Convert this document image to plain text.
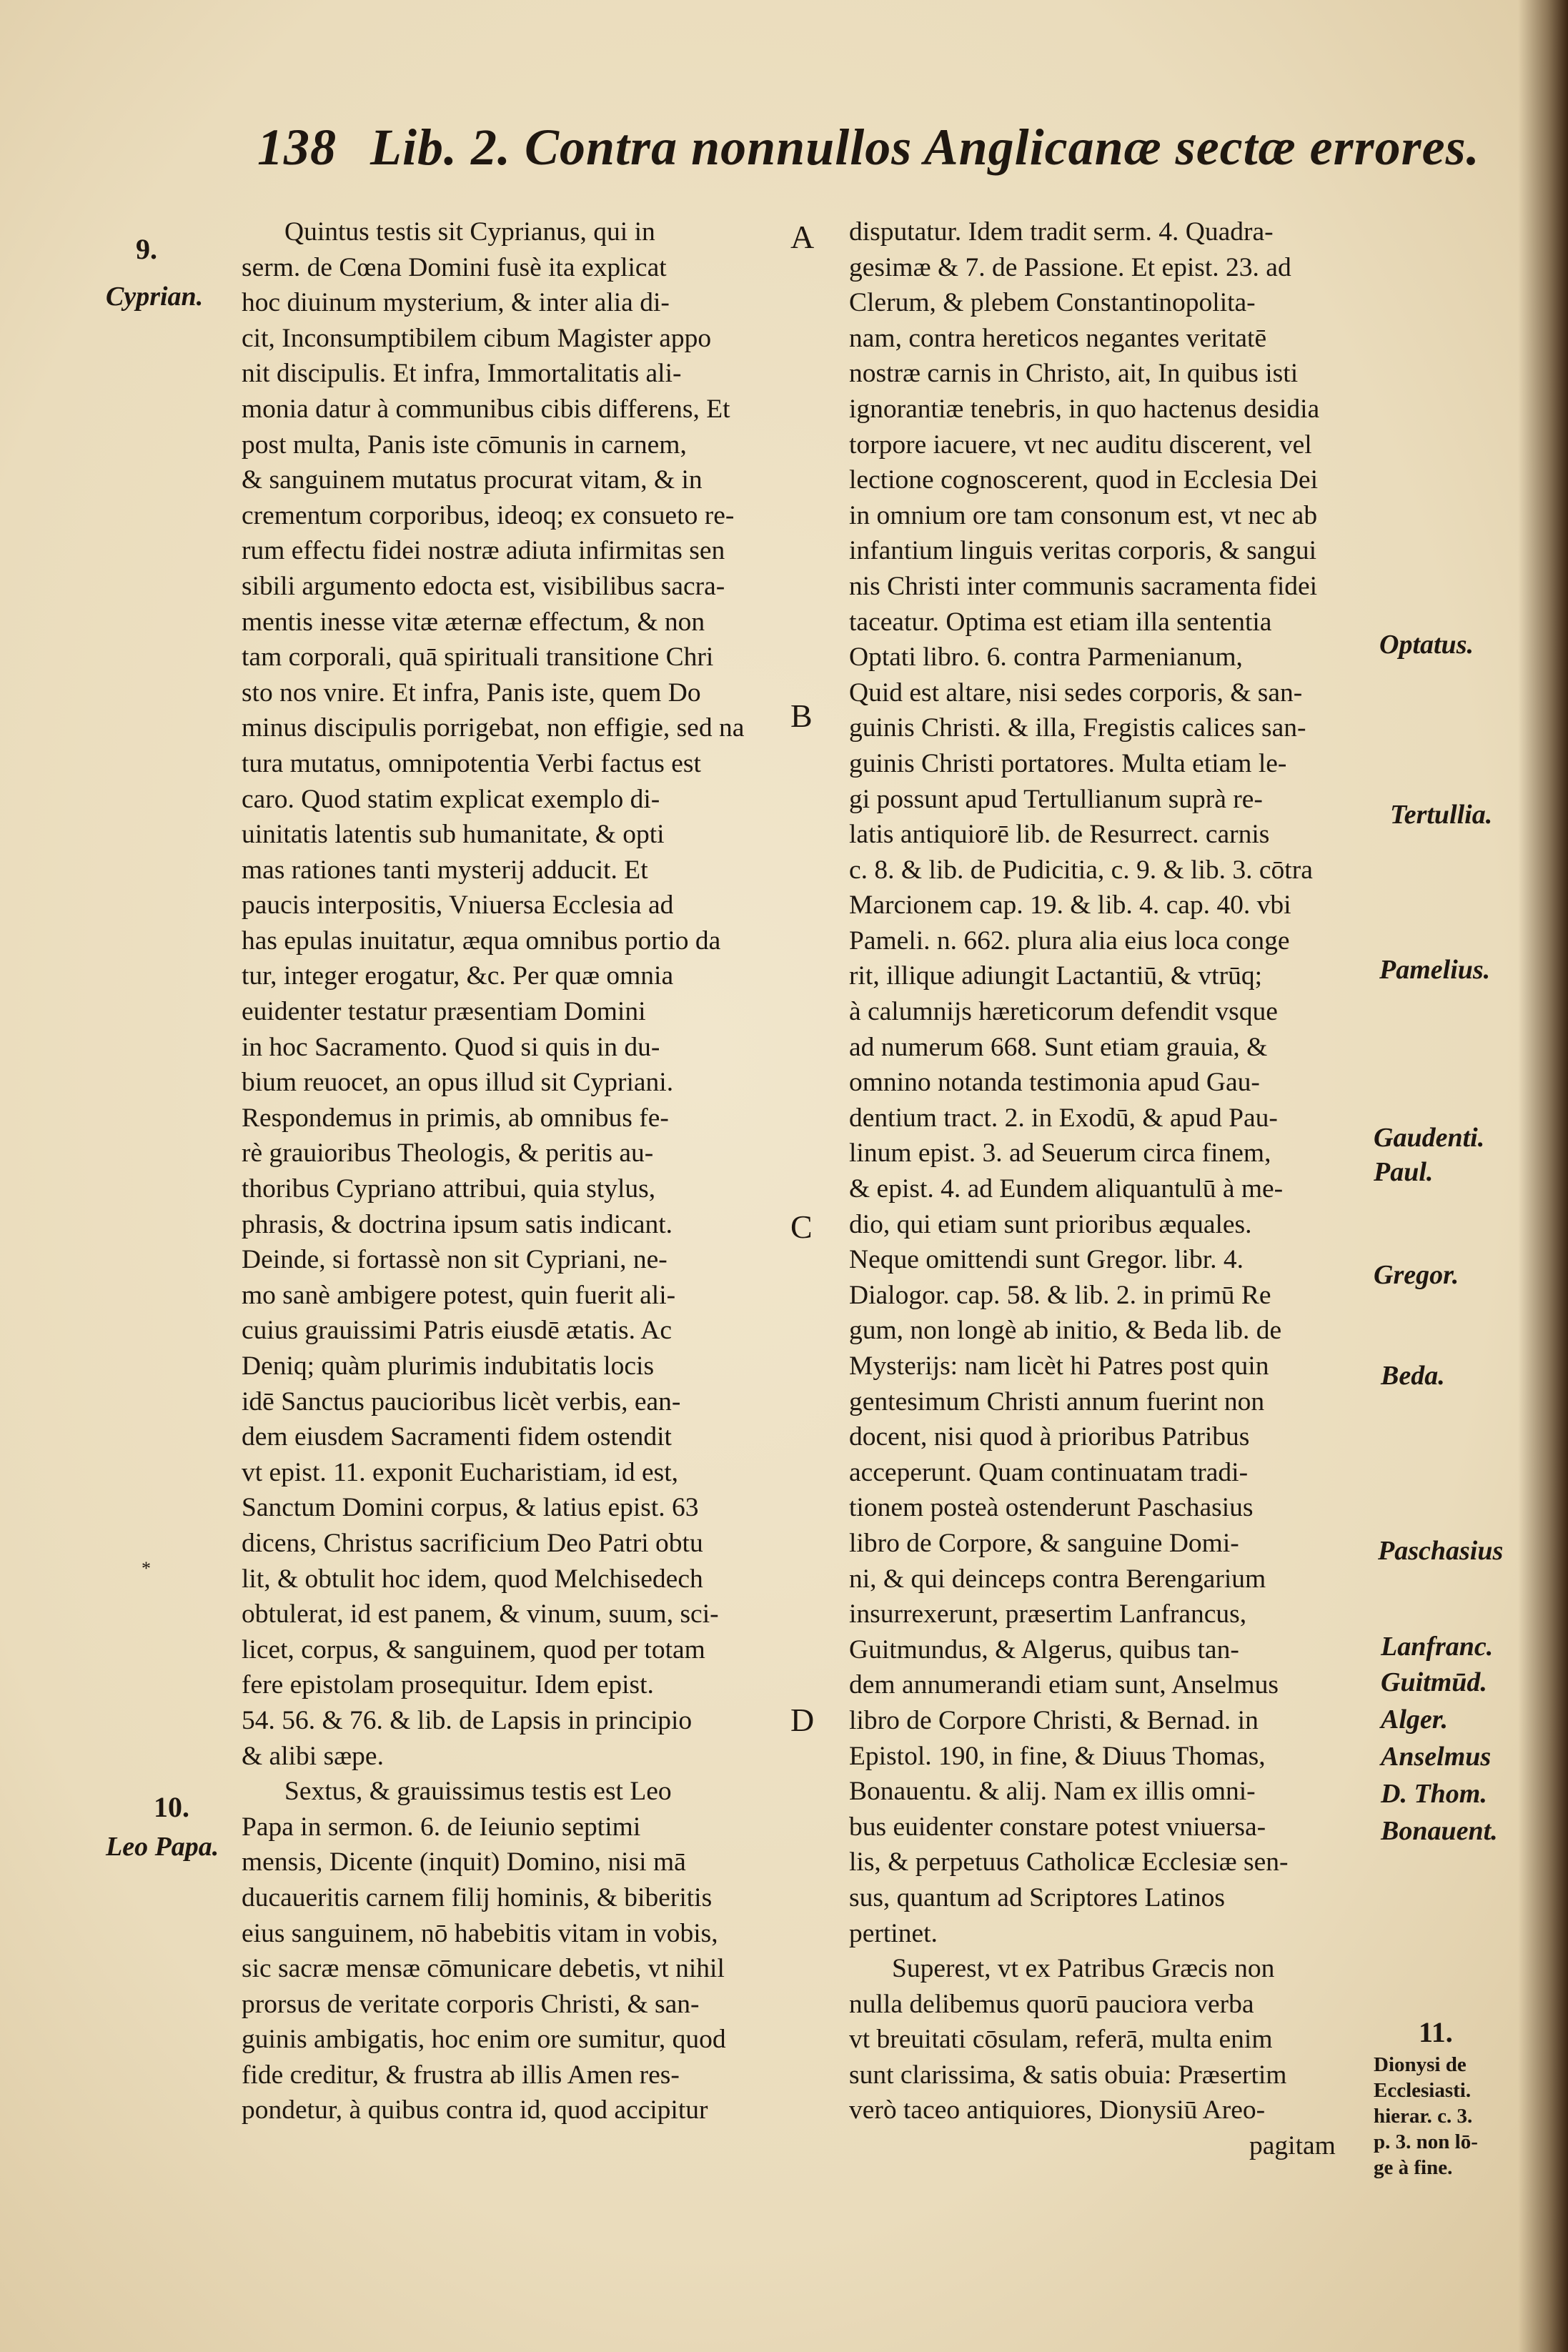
138 Lib. 2. Contra nonnullos Anglicanæ sectæ errores.
9.
Cyprian.
*
10.
Leo Papa.
A
B
C
D
Quintus testis sit Cyprianus, qui in
serm. de Cœna Domini fusè ita explicat
hoc diuinum mysterium, & inter alia di-
cit, Inconsumptibilem cibum Magister appo
nit discipulis. Et infra, Immortalitatis ali-
monia datur à communibus cibis differens, Et
post multa, Panis iste cōmunis in carnem,
& sanguinem mutatus procurat vitam, & in
crementum corporibus, ideoq; ex consueto re-
rum effectu fidei nostræ adiuta infirmitas sen
sibili argumento edocta est, visibilibus sacra-
mentis inesse vitæ æternæ effectum, & non
tam corporali, quā spirituali transitione Chri
sto nos vnire. Et infra, Panis iste, quem Do
minus discipulis porrigebat, non effigie, sed na
tura mutatus, omnipotentia Verbi factus est
caro. Quod statim explicat exemplo di-
uinitatis latentis sub humanitate, & opti
mas rationes tanti mysterij adducit. Et
paucis interpositis, Vniuersa Ecclesia ad
has epulas inuitatur, æqua omnibus portio da
tur, integer erogatur, &c. Per quæ omnia
euidenter testatur præsentiam Domini
in hoc Sacramento. Quod si quis in du-
bium reuocet, an opus illud sit Cypriani.
Respondemus in primis, ab omnibus fe-
rè grauioribus Theologis, & peritis au-
thoribus Cypriano attribui, quia stylus,
phrasis, & doctrina ipsum satis indicant.
Deinde, si fortassè non sit Cypriani, ne-
mo sanè ambigere potest, quin fuerit ali-
cuius grauissimi Patris eiusdē ætatis. Ac
Deniq; quàm plurimis indubitatis locis
idē Sanctus paucioribus licèt verbis, ean-
dem eiusdem Sacramenti fidem ostendit
vt epist. 11. exponit Eucharistiam, id est,
Sanctum Domini corpus, & latius epist. 63
dicens, Christus sacrificium Deo Patri obtu
lit, & obtulit hoc idem, quod Melchisedech
obtulerat, id est panem, & vinum, suum, sci-
licet, corpus, & sanguinem, quod per totam
fere epistolam prosequitur. Idem epist.
54. 56. & 76. & lib. de Lapsis in principio
& alibi sæpe.
Sextus, & grauissimus testis est Leo
Papa in sermon. 6. de Ieiunio septimi
mensis, Dicente (inquit) Domino, nisi mā
ducaueritis carnem filij hominis, & biberitis
eius sanguinem, nō habebitis vitam in vobis,
sic sacræ mensæ cōmunicare debetis, vt nihil
prorsus de veritate corporis Christi, & san-
guinis ambigatis, hoc enim ore sumitur, quod
fide creditur, & frustra ab illis Amen res-
pondetur, à quibus contra id, quod accipitur
disputatur. Idem tradit serm. 4. Quadra-
gesimæ & 7. de Passione. Et epist. 23. ad
Clerum, & plebem Constantinopolita-
nam, contra hereticos negantes veritatē
nostræ carnis in Christo, ait, In quibus isti
ignorantiæ tenebris, in quo hactenus desidia
torpore iacuere, vt nec auditu discerent, vel
lectione cognoscerent, quod in Ecclesia Dei
in omnium ore tam consonum est, vt nec ab
infantium linguis veritas corporis, & sangui
nis Christi inter communis sacramenta fidei
taceatur. Optima est etiam illa sententia
Optati libro. 6. contra Parmenianum,
Quid est altare, nisi sedes corporis, & san-
guinis Christi. & illa, Fregistis calices san-
guinis Christi portatores. Multa etiam le-
gi possunt apud Tertullianum suprà re-
latis antiquiorē lib. de Resurrect. carnis
c. 8. & lib. de Pudicitia, c. 9. & lib. 3. cōtra
Marcionem cap. 19. & lib. 4. cap. 40. vbi
Pameli. n. 662. plura alia eius loca conge
rit, illique adiungit Lactantiū, & vtrūq;
à calumnijs hæreticorum defendit vsque
ad numerum 668. Sunt etiam grauia, &
omnino notanda testimonia apud Gau-
dentium tract. 2. in Exodū, & apud Pau-
linum epist. 3. ad Seuerum circa finem,
& epist. 4. ad Eundem aliquantulū à me-
dio, qui etiam sunt prioribus æquales.
Neque omittendi sunt Gregor. libr. 4.
Dialogor. cap. 58. & lib. 2. in primū Re
gum, non longè ab initio, & Beda lib. de
Mysterijs: nam licèt hi Patres post quin
gentesimum Christi annum fuerint non
docent, nisi quod à prioribus Patribus
acceperunt. Quam continuatam tradi-
tionem posteà ostenderunt Paschasius
libro de Corpore, & sanguine Domi-
ni, & qui deinceps contra Berengarium
insurrexerunt, præsertim Lanfrancus,
Guitmundus, & Algerus, quibus tan-
dem annumerandi etiam sunt, Anselmus
libro de Corpore Christi, & Bernad. in
Epistol. 190, in fine, & Diuus Thomas,
Bonauentu. & alij. Nam ex illis omni-
bus euidenter constare potest vniuersa-
lis, & perpetuus Catholicæ Ecclesiæ sen-
sus, quantum ad Scriptores Latinos
pertinet.
Superest, vt ex Patribus Græcis non
nulla delibemus quorū pauciora verba
vt breuitati cōsulam, referā, multa enim
sunt clarissima, & satis obuia: Præsertim
verò taceo antiquiores, Dionysiū Areo-
pagitam
Optatus.
Tertullia.
Pamelius.
Gaudenti.
Paul.
Gregor.
Beda.
Paschasius
Lanfranc.
Guitmūd.
Alger.
Anselmus
D. Thom.
Bonauent.
11.
Dionysi de
Ecclesiasti.
hierar. c. 3.
p. 3. non lō-
ge à fine.
